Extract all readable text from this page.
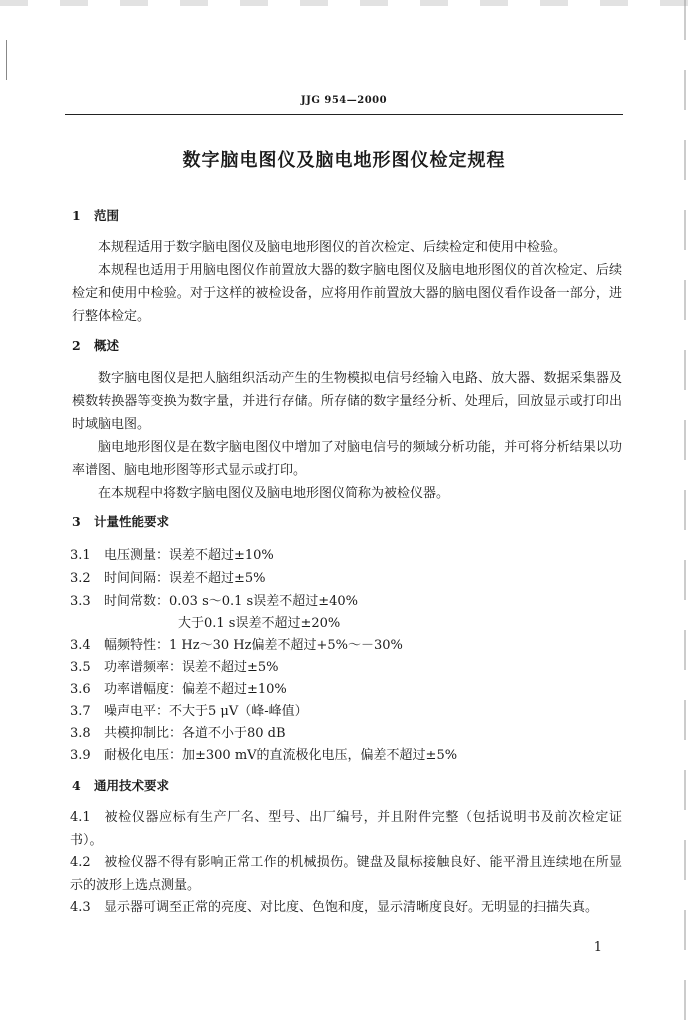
JJG 954—2000
数字脑电图仪及脑电地形图仪检定规程
1 范围

本规程适用于数字脑电图仪及脑电地形图仪的首次检定、后续检定和使用中检验。

本规程也适用于用脑电图仪作前置放大器的数字脑电图仪及脑电地形图仪的首次检定、后续检定和使用中检验。对于这样的被检设备，应将用作前置放大器的脑电图仪看作设备一部分，进行整体检定。

2 概述

数字脑电图仪是把人脑组织活动产生的生物模拟电信号经输入电路、放大器、数据采集器及模数转换器等变换为数字量，并进行存储。所存储的数字量经分析、处理后，回放显示或打印出时域脑电图。

脑电地形图仪是在数字脑电图仪中增加了对脑电信号的频域分析功能，并可将分析结果以功率谱图、脑电地形图等形式显示或打印。

在本规程中将数字脑电图仪及脑电地形图仪简称为被检仪器。

3 计量性能要求
3.1 电压测量：误差不超过±10%
3.2 时间间隔：误差不超过±5%
3.3 时间常数：0.03 s～0.1 s误差不超过±40%
大于0.1 s误差不超过±20%
3.4 幅频特性：1 Hz～30 Hz偏差不超过+5%～－30%
3.5 功率谱频率：误差不超过±5%
3.6 功率谱幅度：偏差不超过±10%
3.7 噪声电平：不大于5 μV（峰-峰值）
3.8 共模抑制比：各道不小于80 dB
3.9 耐极化电压：加±300 mV的直流极化电压，偏差不超过±5%
4 通用技术要求
4.1 被检仪器应标有生产厂名、型号、出厂编号，并且附件完整（包括说明书及前次检定证书）。
4.2 被检仪器不得有影响正常工作的机械损伤。键盘及鼠标接触良好、能平滑且连续地在所显示的波形上选点测量。
4.3 显示器可调至正常的亮度、对比度、色饱和度，显示清晰度良好。无明显的扫描失真。
1
